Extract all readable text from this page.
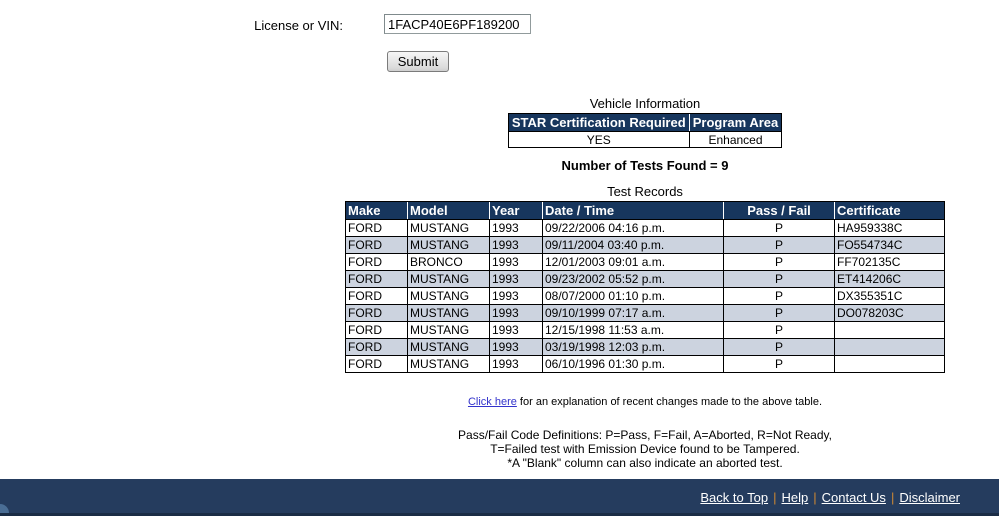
License or VIN:
1FACP40E6PF189200
Submit
Vehicle Information
STAR Certification Required	Program Area
YES	Enhanced
Number of Tests Found = 9
Test Records
Make	Model	Year	Date / Time	Pass / Fail	Certificate
FORD	MUSTANG	1993	09/22/2006 04:16 p.m.	P	HA959338C
FORD	MUSTANG	1993	09/11/2004 03:40 p.m.	P	FO554734C
FORD	BRONCO	1993	12/01/2003 09:01 a.m.	P	FF702135C
FORD	MUSTANG	1993	09/23/2002 05:52 p.m.	P	ET414206C
FORD	MUSTANG	1993	08/07/2000 01:10 p.m.	P	DX355351C
FORD	MUSTANG	1993	09/10/1999 07:17 a.m.	P	DO078203C
FORD	MUSTANG	1993	12/15/1998 11:53 a.m.	P	
FORD	MUSTANG	1993	03/19/1998 12:03 p.m.	P	
FORD	MUSTANG	1993	06/10/1996 01:30 p.m.	P	
Click here for an explanation of recent changes made to the above table.
Pass/Fail Code Definitions: P=Pass, F=Fail, A=Aborted, R=Not Ready,
T=Failed test with Emission Device found to be Tampered.
*A "Blank" column can also indicate an aborted test.
Back to Top | Help | Contact Us | Disclaimer
